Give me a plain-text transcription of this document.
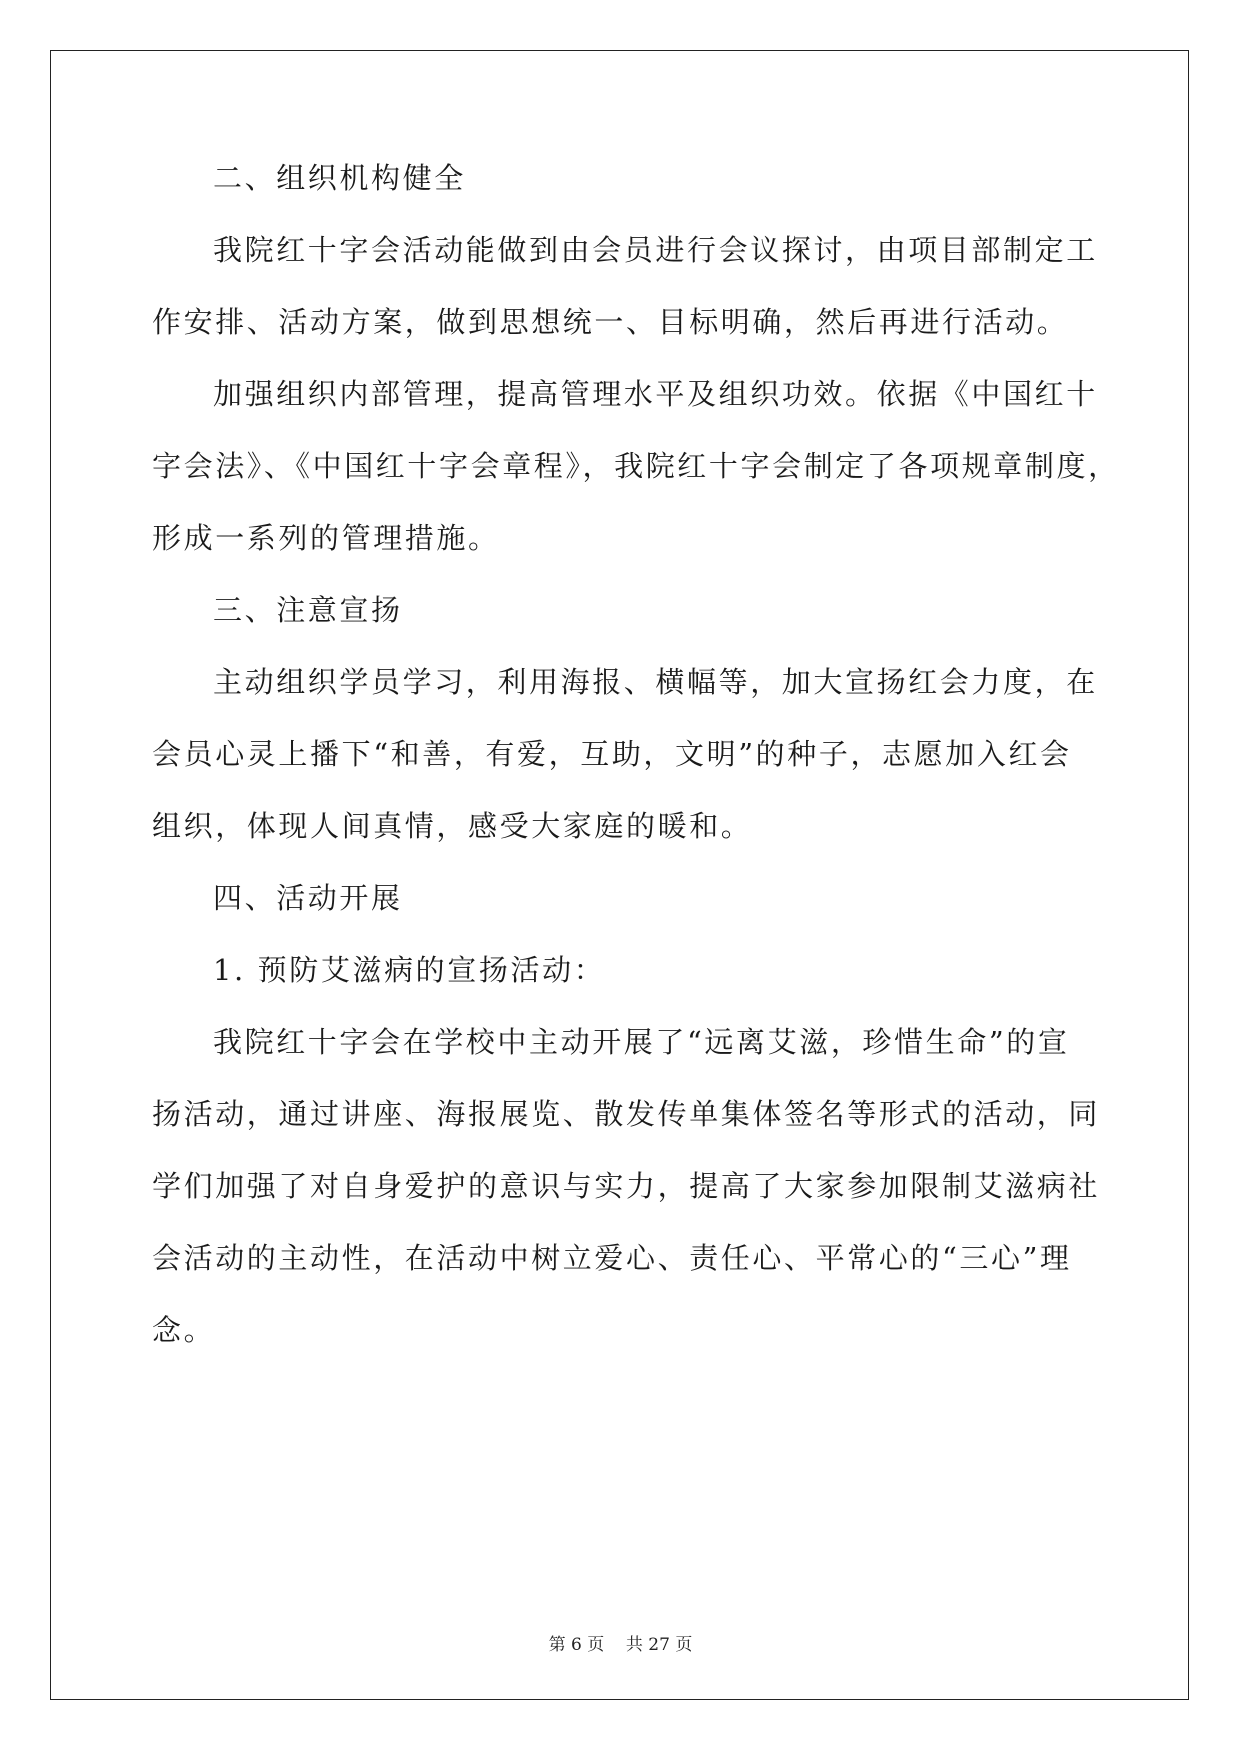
二、组织机构健全
我院红十字会活动能做到由会员进行会议探讨，由项目部制定工
作安排、活动方案，做到思想统一、目标明确，然后再进行活动。
加强组织内部管理，提高管理水平及组织功效。依据《中国红十
字会法》、《中国红十字会章程》，我院红十字会制定了各项规章制度，
形成一系列的管理措施。
三、注意宣扬
主动组织学员学习，利用海报、横幅等，加大宣扬红会力度，在
会员心灵上播下“和善，有爱，互助，文明”的种子，志愿加入红会
组织，体现人间真情，感受大家庭的暖和。
四、活动开展
1. 预防艾滋病的宣扬活动：
我院红十字会在学校中主动开展了“远离艾滋，珍惜生命”的宣
扬活动，通过讲座、海报展览、散发传单集体签名等形式的活动，同
学们加强了对自身爱护的意识与实力，提高了大家参加限制艾滋病社
会活动的主动性，在活动中树立爱心、责任心、平常心的“三心”理
念。
第 6 页    共 27 页
